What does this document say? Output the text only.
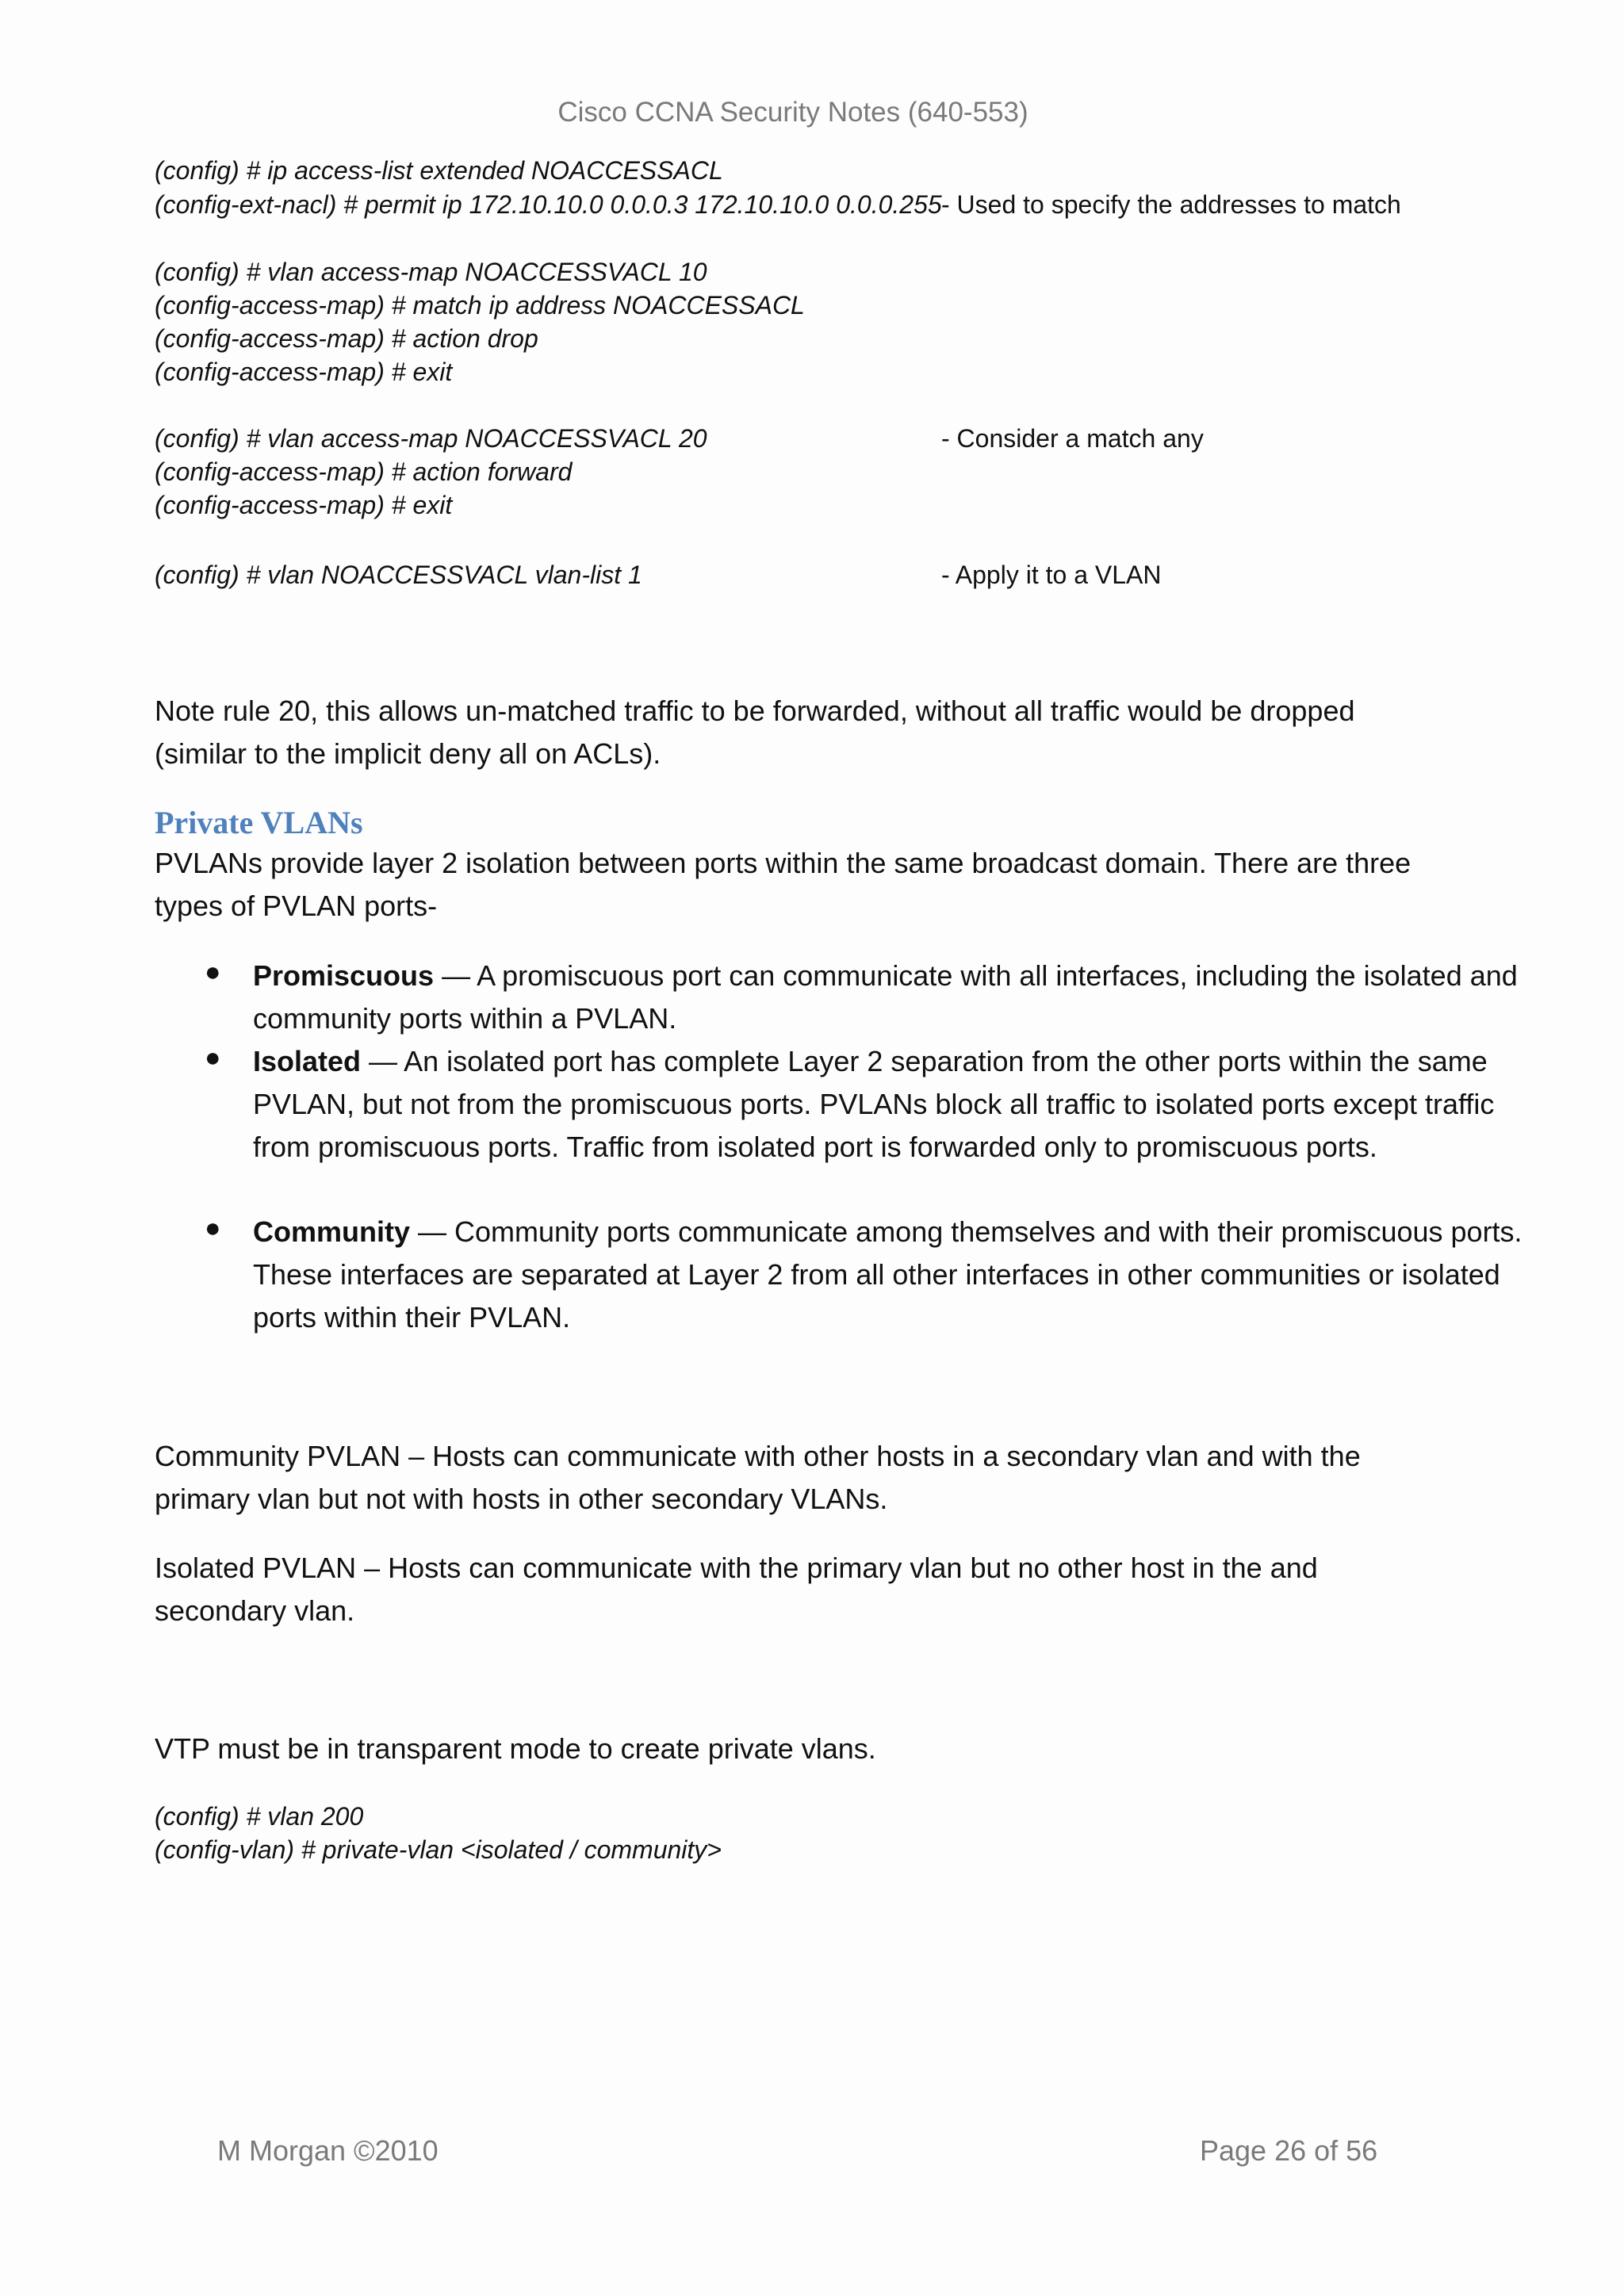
Cisco CCNA Security Notes (640-553)
(config) # ip access-list extended NOACCESSACL
(config-ext-nacl) # permit ip 172.10.10.0 0.0.0.3 172.10.10.0 0.0.0.255 - Used to specify the addresses to match
(config) # vlan access-map NOACCESSVACL 10
(config-access-map) # match ip address NOACCESSACL
(config-access-map) # action drop
(config-access-map) # exit
(config) # vlan access-map NOACCESSVACL 20	- Consider a match any
(config-access-map) # action forward
(config-access-map) # exit
(config) # vlan NOACCESSVACL vlan-list 1	- Apply it to a VLAN
Note rule 20, this allows un-matched traffic to be forwarded, without all traffic would be dropped (similar to the implicit deny all on ACLs).
Private VLANs
PVLANs provide layer 2 isolation between ports within the same broadcast domain. There are three types of PVLAN ports-
● Promiscuous — A promiscuous port can communicate with all interfaces, including the isolated and community ports within a PVLAN.
● Isolated — An isolated port has complete Layer 2 separation from the other ports within the same PVLAN, but not from the promiscuous ports. PVLANs block all traffic to isolated ports except traffic from promiscuous ports. Traffic from isolated port is forwarded only to promiscuous ports.
● Community — Community ports communicate among themselves and with their promiscuous ports. These interfaces are separated at Layer 2 from all other interfaces in other communities or isolated ports within their PVLAN.
Community PVLAN – Hosts can communicate with other hosts in a secondary vlan and with the primary vlan but not with hosts in other secondary VLANs.
Isolated PVLAN – Hosts can communicate with the primary vlan but no other host in the and secondary vlan.
VTP must be in transparent mode to create private vlans.
(config) # vlan 200
(config-vlan) # private-vlan <isolated / community>
M Morgan ©2010	Page 26 of 56
